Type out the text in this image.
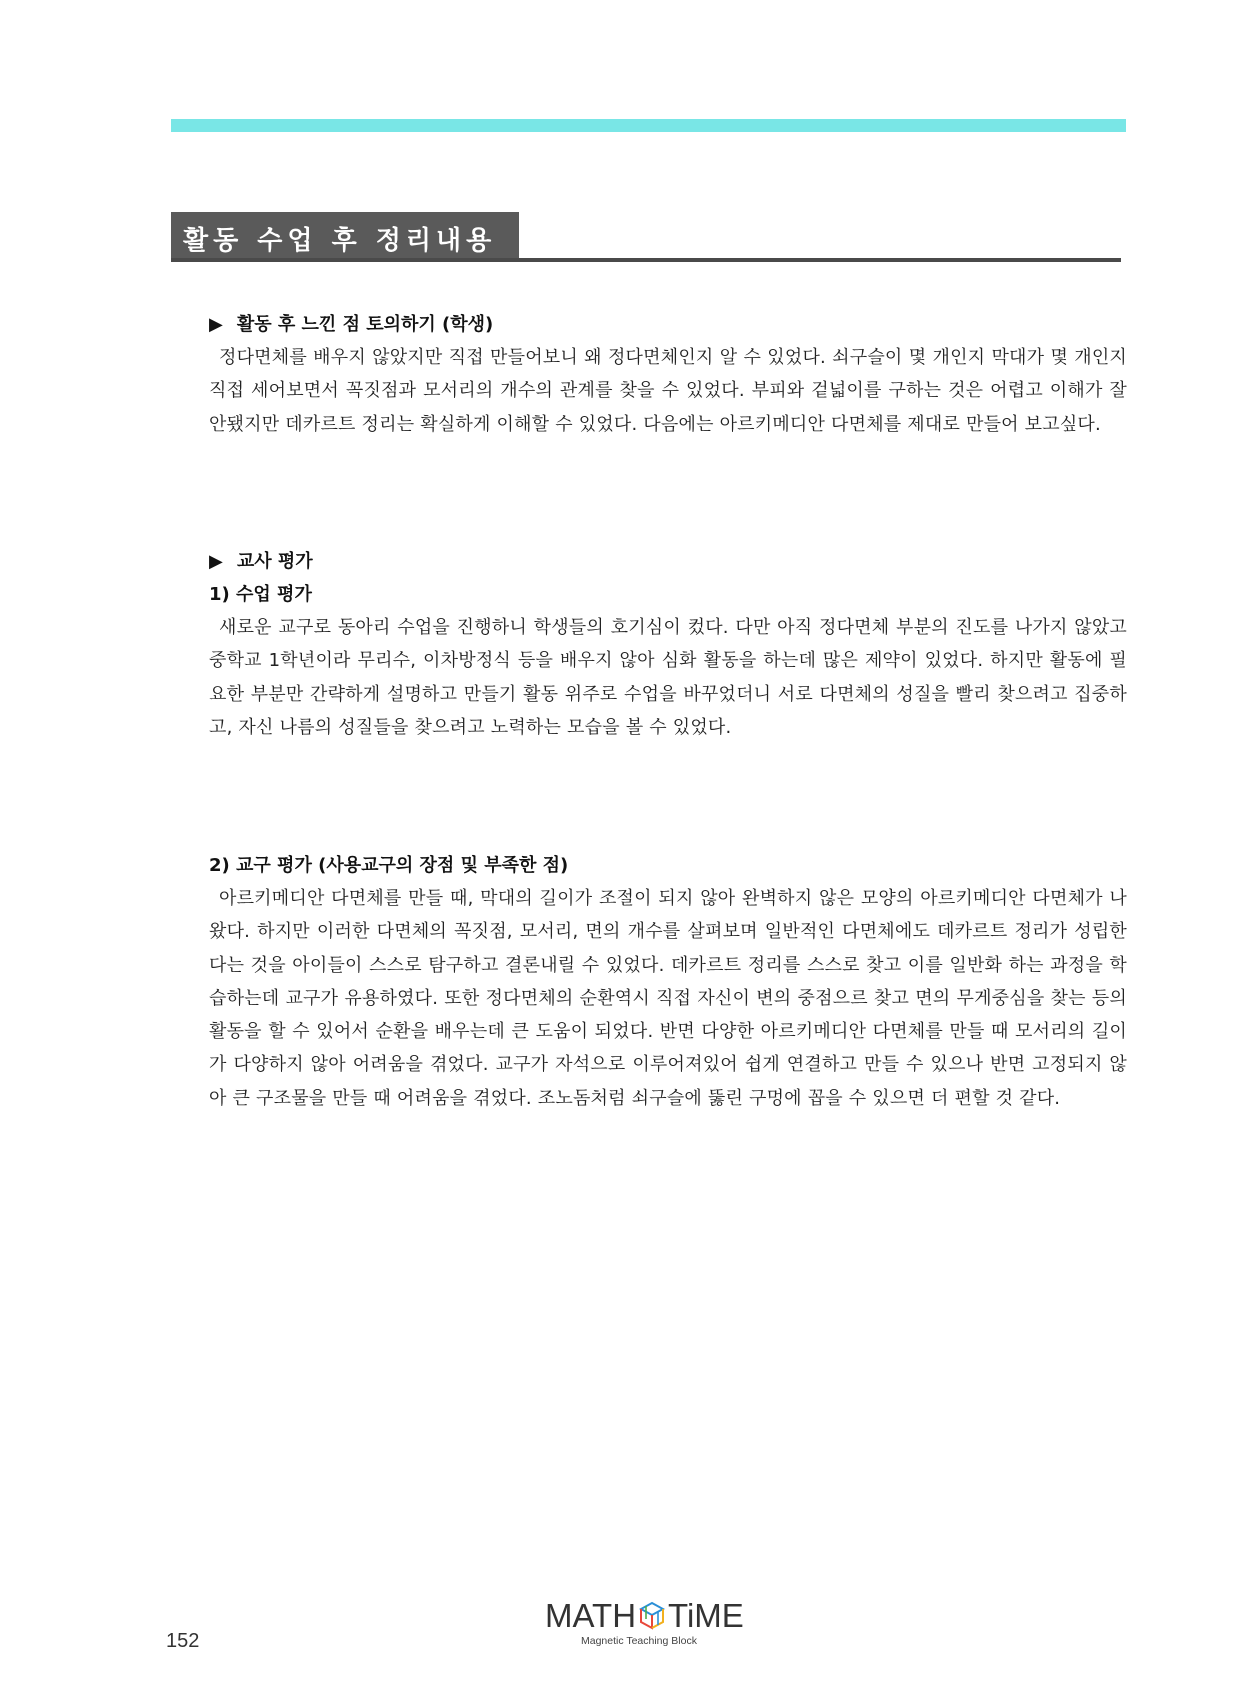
활동 수업 후 정리내용
▶ 활동 후 느낀 점 토의하기 (학생)

정다면체를 배우지 않았지만 직접 만들어보니 왜 정다면체인지 알 수 있었다. 쇠구슬이 몇 개인지 막대가 몇 개인지 직접 세어보면서 꼭짓점과 모서리의 개수의 관계를 찾을 수 있었다. 부피와 겉넓이를 구하는 것은 어렵고 이해가 잘 안됐지만 데카르트 정리는 확실하게 이해할 수 있었다. 다음에는 아르키메디안 다면체를 제대로 만들어 보고싶다.

▶ 교사 평가
1) 수업 평가

새로운 교구로 동아리 수업을 진행하니 학생들의 호기심이 컸다. 다만 아직 정다면체 부분의 진도를 나가지 않았고 중학교 1학년이라 무리수, 이차방정식 등을 배우지 않아 심화 활동을 하는데 많은 제약이 있었다. 하지만 활동에 필요한 부분만 간략하게 설명하고 만들기 활동 위주로 수업을 바꾸었더니 서로 다면체의 성질을 빨리 찾으려고 집중하고, 자신 나름의 성질들을 찾으려고 노력하는 모습을 볼 수 있었다.

2) 교구 평가 (사용교구의 장점 및 부족한 점)

아르키메디안 다면체를 만들 때, 막대의 길이가 조절이 되지 않아 완벽하지 않은 모양의 아르키메디안 다면체가 나왔다. 하지만 이러한 다면체의 꼭짓점, 모서리, 면의 개수를 살펴보며 일반적인 다면체에도 데카르트 정리가 성립한다는 것을 아이들이 스스로 탐구하고 결론내릴 수 있었다. 데카르트 정리를 스스로 찾고 이를 일반화 하는 과정을 학습하는데 교구가 유용하였다. 또한 정다면체의 순환역시 직접 자신이 변의 중점으르 찾고 면의 무게중심을 찾는 등의 활동을 할 수 있어서 순환을 배우는데 큰 도움이 되었다. 반면 다양한 아르키메디안 다면체를 만들 때 모서리의 길이가 다양하지 않아 어려움을 겪었다. 교구가 자석으로 이루어져있어 쉽게 연결하고 만들 수 있으나 반면 고정되지 않아 큰 구조물을 만들 때 어려움을 겪었다. 조노돔처럼 쇠구슬에 뚫린 구멍에 꼽을 수 있으면 더 편할 것 같다.

152
MATH TiME
Magnetic Teaching Block
